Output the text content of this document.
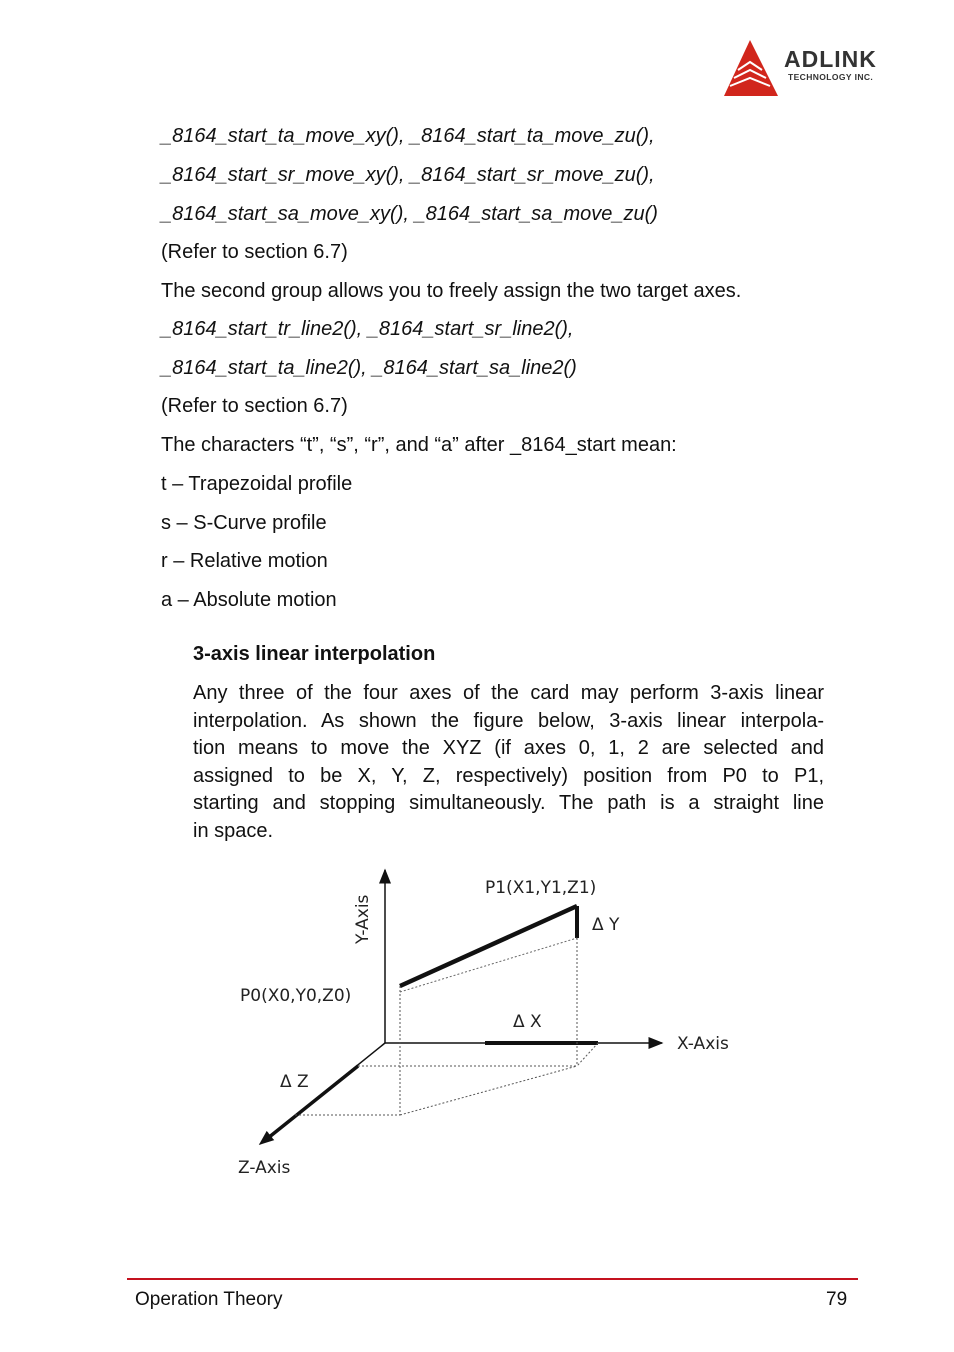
ADLINK
TECHNOLOGY INC.
_8164_start_ta_move_xy(), _8164_start_ta_move_zu(),
_8164_start_sr_move_xy(), _8164_start_sr_move_zu(),
_8164_start_sa_move_xy(), _8164_start_sa_move_zu()
(Refer to section 6.7)
The second group allows you to freely assign the two target axes.
_8164_start_tr_line2(), _8164_start_sr_line2(),
_8164_start_ta_line2(), _8164_start_sa_line2()
(Refer to section 6.7)
The characters “t”, “s”, “r”, and “a” after _8164_start mean:
t – Trapezoidal profile
s – S-Curve profile
r – Relative motion
a – Absolute motion
3-axis linear interpolation
Any three of the four axes of the card may perform 3-axis linear
interpolation. As shown the figure below, 3-axis linear interpola-
tion means to move the XYZ (if axes 0, 1, 2 are selected and
assigned to be X, Y, Z, respectively) position from P0 to P1,
starting and stopping simultaneously. The path is a straight line
in space.
P1(X1,Y1,Z1)
P0(X0,Y0,Z0)
Δ Y
Δ X
Δ Z
X-Axis
Z-Axis
Y-Axis
Operation Theory	79
